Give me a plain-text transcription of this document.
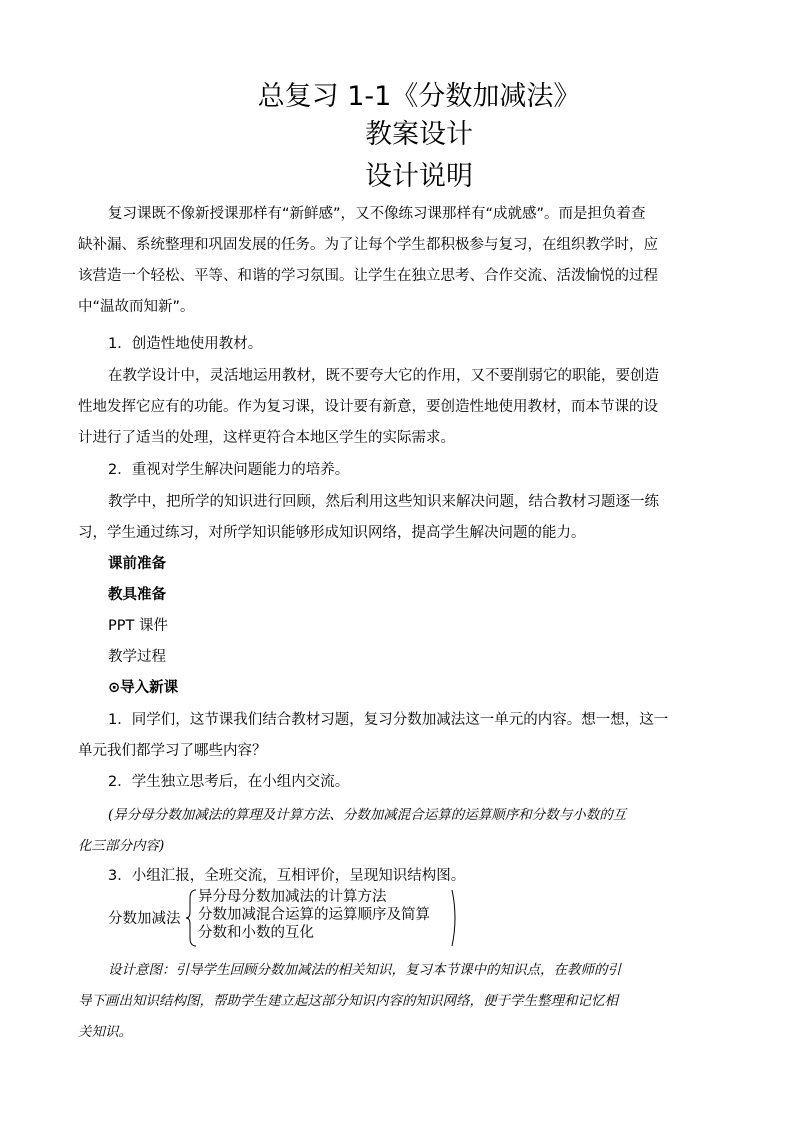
总复习 1-1《分数加减法》
教案设计
设计说明

复习课既不像新授课那样有“新鲜感”，又不像练习课那样有“成就感”。而是担负着查

缺补漏、系统整理和巩固发展的任务。为了让每个学生都积极参与复习，在组织教学时，应

该营造一个轻松、平等、和谐的学习氛围。让学生在独立思考、合作交流、活泼愉悦的过程

中“温故而知新”。

1．创造性地使用教材。

在教学设计中，灵活地运用教材，既不要夸大它的作用，又不要削弱它的职能，要创造

性地发挥它应有的功能。作为复习课，设计要有新意，要创造性地使用教材，而本节课的设

计进行了适当的处理，这样更符合本地区学生的实际需求。

2．重视对学生解决问题能力的培养。

教学中，把所学的知识进行回顾，然后利用这些知识来解决问题，结合教材习题逐一练

习，学生通过练习，对所学知识能够形成知识网络，提高学生解决问题的能力。

课前准备

教具准备

PPT 课件

教学过程

⊙导入新课

1．同学们，这节课我们结合教材习题，复习分数加减法这一单元的内容。想一想，这一

单元我们都学习了哪些内容？

2．学生独立思考后，在小组内交流。

(异分母分数加减法的算理及计算方法、分数加减混合运算的运算顺序和分数与小数的互

化三部分内容)

3．小组汇报，全班交流，互相评价，呈现知识结构图。

分数加减法
异分母分数加减法的计算方法
分数加减混合运算的运算顺序及简算
分数和小数的互化

设计意图：引导学生回顾分数加减法的相关知识，复习本节课中的知识点，在教师的引

导下画出知识结构图，帮助学生建立起这部分知识内容的知识网络，便于学生整理和记忆相

关知识。
